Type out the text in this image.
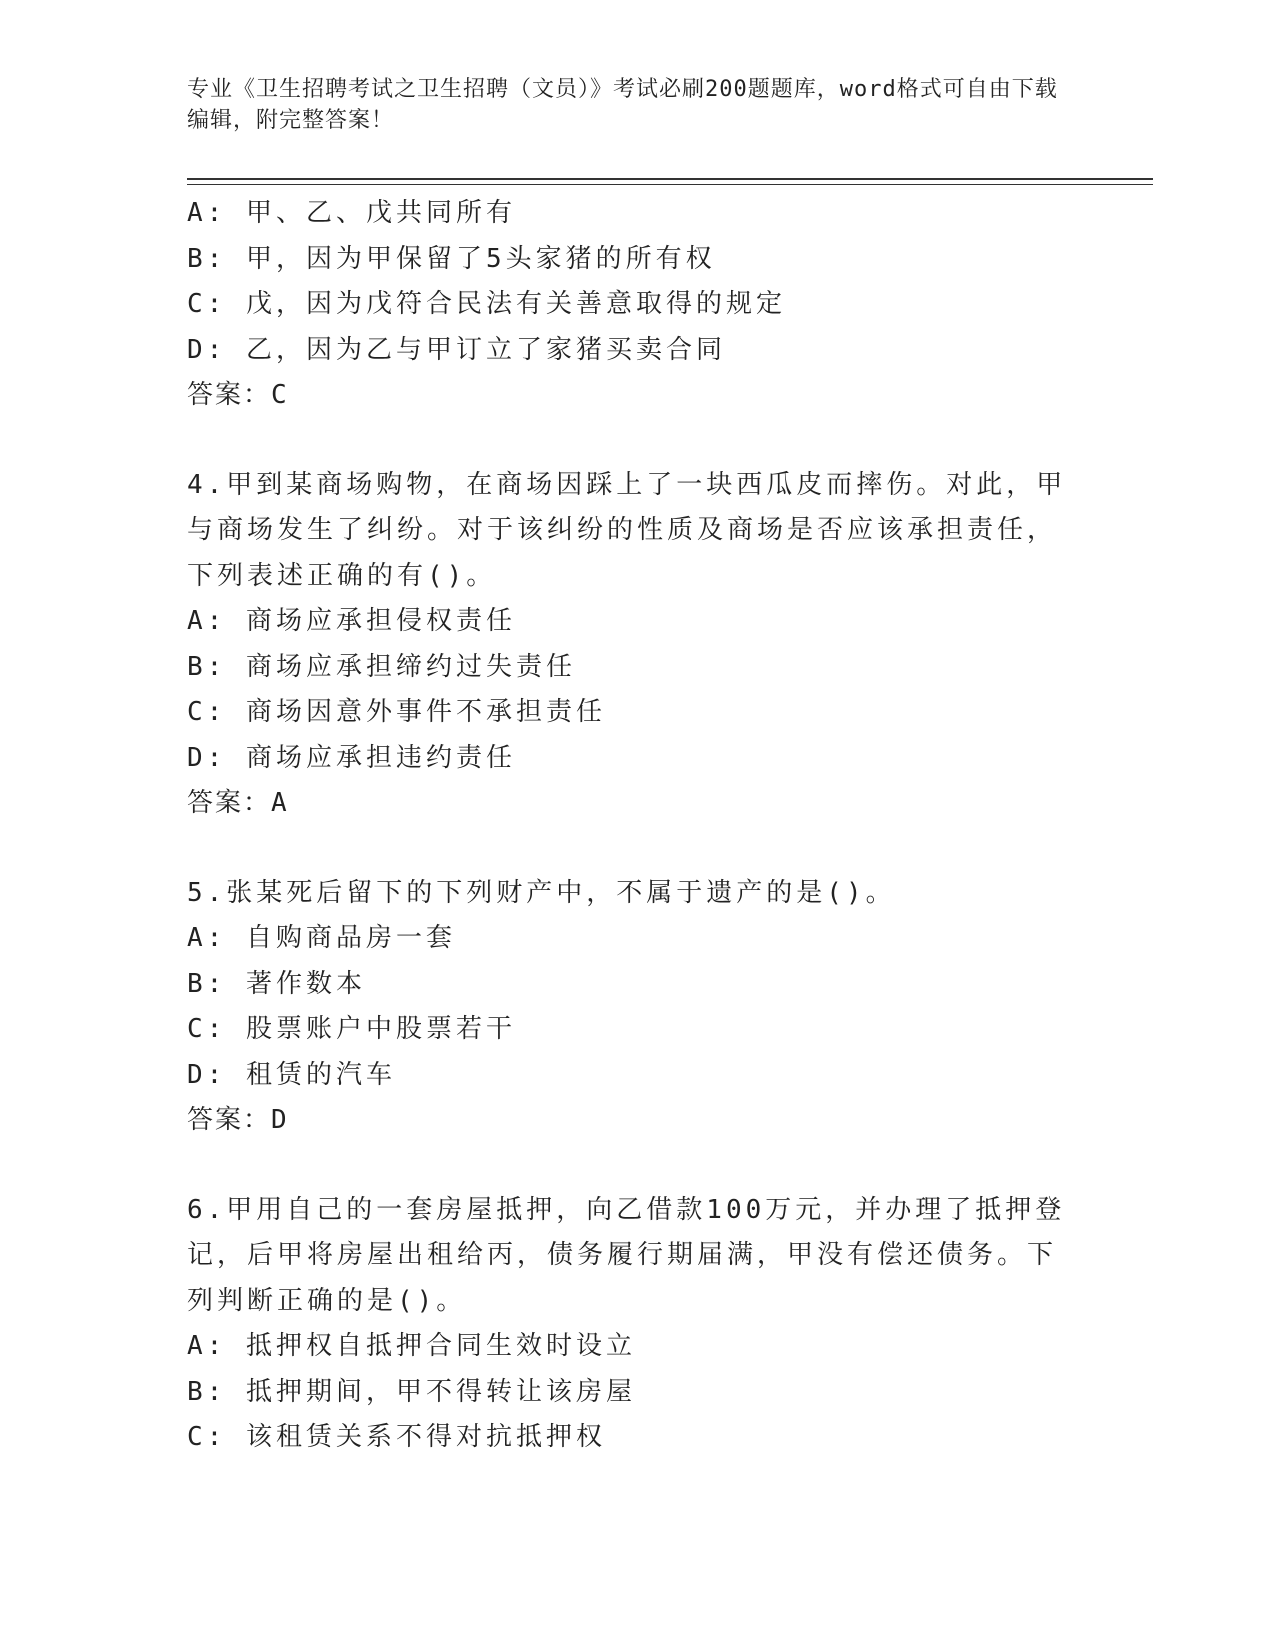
专业《卫生招聘考试之卫生招聘（文员）》考试必刷200题题库，word格式可自由下载编辑，附完整答案！
A: 甲、乙、戊共同所有
B: 甲，因为甲保留了5头家猪的所有权
C: 戊，因为戊符合民法有关善意取得的规定
D: 乙，因为乙与甲订立了家猪买卖合同
答案：C
4.甲到某商场购物，在商场因踩上了一块西瓜皮而摔伤。对此，甲与商场发生了纠纷。对于该纠纷的性质及商场是否应该承担责任，下列表述正确的有()。
A: 商场应承担侵权责任
B: 商场应承担缔约过失责任
C: 商场因意外事件不承担责任
D: 商场应承担违约责任
答案：A
5.张某死后留下的下列财产中，不属于遗产的是()。
A: 自购商品房一套
B: 著作数本
C: 股票账户中股票若干
D: 租赁的汽车
答案：D
6.甲用自己的一套房屋抵押，向乙借款100万元，并办理了抵押登记，后甲将房屋出租给丙，债务履行期届满，甲没有偿还债务。下列判断正确的是()。
A: 抵押权自抵押合同生效时设立
B: 抵押期间，甲不得转让该房屋
C: 该租赁关系不得对抗抵押权
